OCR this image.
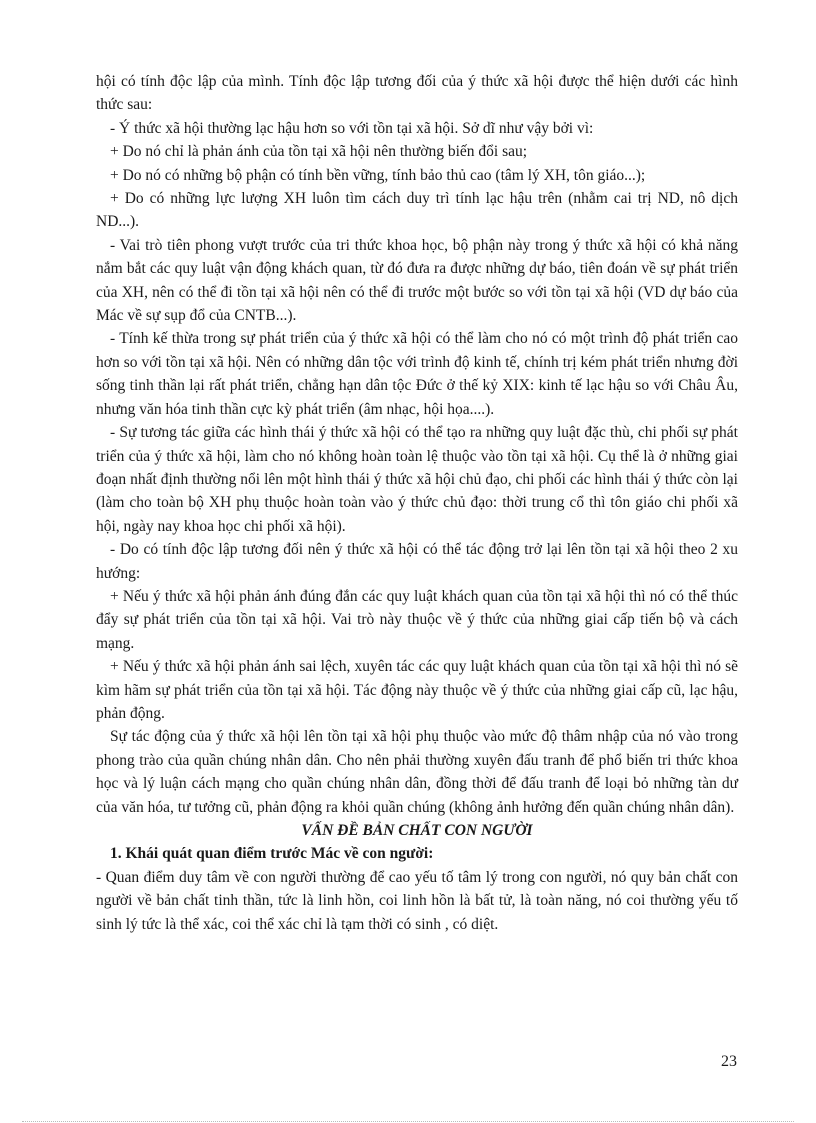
hội có tính độc lập của mình. Tính độc lập tương đối của ý thức xã hội được thể hiện dưới các hình thức sau:

- Ý thức xã hội thường lạc hậu hơn so với tồn tại xã hội. Sở dĩ như vậy bởi vì:

+ Do nó chỉ là phản ánh của tồn tại xã hội nên thường biến đổi sau;

+ Do nó có những bộ phận có tính bền vững, tính bảo thủ cao (tâm lý XH, tôn giáo...);

+ Do có những lực lượng XH luôn tìm cách duy trì tính lạc hậu trên (nhằm cai trị ND, nô dịch ND...).

- Vai trò tiên phong vượt trước của tri thức khoa học, bộ phận này trong ý thức xã hội có khả năng nắm bắt các quy luật vận động khách quan, từ đó đưa ra được những dự báo, tiên đoán về sự phát triển của XH, nên có thể đi tồn tại xã hội nên có thể đi trước một bước so với tồn tại xã hội (VD dự báo của Mác về sự sụp đổ của CNTB...).

- Tính kế thừa trong sự phát triển của ý thức xã hội có thể làm cho nó có một trình độ phát triển cao hơn so với tồn tại xã hội. Nên có những dân tộc với trình độ kinh tế, chính trị kém phát triển nhưng đời sống tinh thần lại rất phát triển, chẳng hạn dân tộc Đức ở thế kỷ XIX: kinh tế lạc hậu so với Châu Âu, nhưng văn hóa tinh thần cực kỳ phát triển (âm nhạc, hội họa....).

- Sự tương tác giữa các hình thái ý thức xã hội có thể tạo ra những quy luật đặc thù, chi phối sự phát triển của ý thức xã hội, làm cho nó không hoàn toàn lệ thuộc vào tồn tại xã hội. Cụ thể là ở những giai đoạn nhất định thường nổi lên một hình thái ý thức xã hội chủ đạo, chi phối các hình thái ý thức còn lại (làm cho toàn bộ XH phụ thuộc hoàn toàn vào ý thức chủ đạo: thời trung cổ thì tôn giáo chi phối xã hội, ngày nay khoa học chi phối xã hội).

- Do có tính độc lập tương đối nên ý thức xã hội có thể tác động trở lại lên tồn tại xã hội theo 2 xu hướng:

+ Nếu ý thức xã hội phản ánh đúng đắn các quy luật khách quan của tồn tại xã hội thì nó có thể thúc đẩy sự phát triển của tồn tại xã hội. Vai trò này thuộc về ý thức của những giai cấp tiến bộ và cách mạng.

+ Nếu ý thức xã hội phản ánh sai lệch, xuyên tác các quy luật khách quan của tồn tại xã hội thì nó sẽ kìm hãm sự phát triển của tồn tại xã hội. Tác động này thuộc về ý thức của những giai cấp cũ, lạc hậu, phản động.

Sự tác động của ý thức xã hội lên tồn tại xã hội phụ thuộc vào mức độ thâm nhập của nó vào trong phong trào của quần chúng nhân dân. Cho nên phải thường xuyên đấu tranh để phổ biến tri thức khoa học và lý luận cách mạng cho quần chúng nhân dân, đồng thời để đấu tranh để loại bỏ những tàn dư của văn hóa, tư tưởng cũ, phản động ra khỏi quần chúng (không ảnh hưởng đến quần chúng nhân dân).

VẤN ĐỀ BẢN CHẤT CON NGƯỜI

1. Khái quát quan điểm trước Mác về con người:

- Quan điểm duy tâm về con người thường để cao yếu tố tâm lý trong con người, nó quy bản chất con người về bản chất tinh thần, tức là linh hồn, coi linh hồn là bất tử, là toàn năng, nó coi thường yếu tố sinh lý tức là thể xác, coi thể xác chỉ là tạm thời có sinh , có diệt.

23
